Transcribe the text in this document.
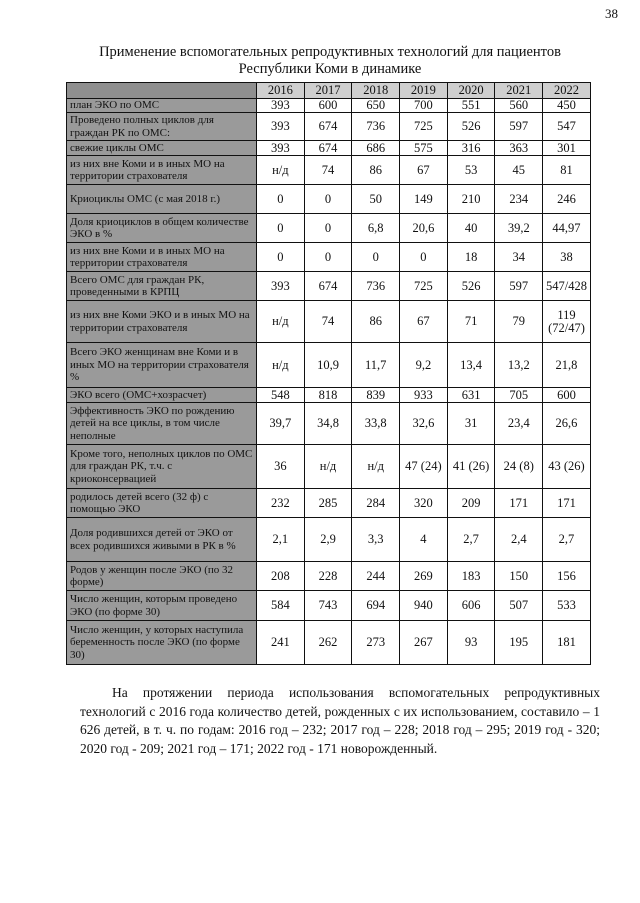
38
Применение вспомогательных репродуктивных технологий для пациентов
Республики Коми в динамике
	2016	2017	2018	2019	2020	2021	2022
план ЭКО по ОМС	393	600	650	700	551	560	450
Проведено полных циклов для граждан РК по ОМС:	393	674	736	725	526	597	547
свежие циклы ОМС	393	674	686	575	316	363	301
из них вне Коми и в иных МО на территории страхователя	н/д	74	86	67	53	45	81
Криоциклы ОМС (с мая 2018 г.)	0	0	50	149	210	234	246
Доля криоциклов в общем количестве ЭКО в %	0	0	6,8	20,6	40	39,2	44,97
из них вне Коми и в иных МО на территории страхователя	0	0	0	0	18	34	38
Всего ОМС для граждан РК, проведенными в КРПЦ	393	674	736	725	526	597	547/428
из них вне Коми ЭКО и в иных МО на территории страхователя	н/д	74	86	67	71	79	119 (72/47)
Всего ЭКО женщинам вне Коми и в иных МО на территории страхователя %	н/д	10,9	11,7	9,2	13,4	13,2	21,8
ЭКО всего (ОМС+хозрасчет)	548	818	839	933	631	705	600
Эффективность ЭКО по рождению детей на все циклы, в том числе неполные	39,7	34,8	33,8	32,6	31	23,4	26,6
Кроме того, неполных циклов по ОМС для граждан РК, т.ч. с криоконсервацией	36	н/д	н/д	47 (24)	41 (26)	24 (8)	43 (26)
родилось детей всего (32 ф) с помощью ЭКО	232	285	284	320	209	171	171
Доля родившихся детей от ЭКО от всех родившихся живыми в РК в %	2,1	2,9	3,3	4	2,7	2,4	2,7
Родов у женщин после ЭКО (по 32 форме)	208	228	244	269	183	150	156
Число женщин, которым проведено ЭКО (по форме 30)	584	743	694	940	606	507	533
Число женщин, у которых наступила беременность после ЭКО (по форме 30)	241	262	273	267	93	195	181
На протяжении периода использования вспомогательных репродуктивных технологий с 2016 года количество детей, рожденных с их использованием, составило – 1 626 детей, в т. ч. по годам: 2016 год – 232; 2017 год – 228; 2018 год – 295; 2019 год - 320; 2020 год - 209; 2021 год – 171; 2022 год - 171 новорожденный.
